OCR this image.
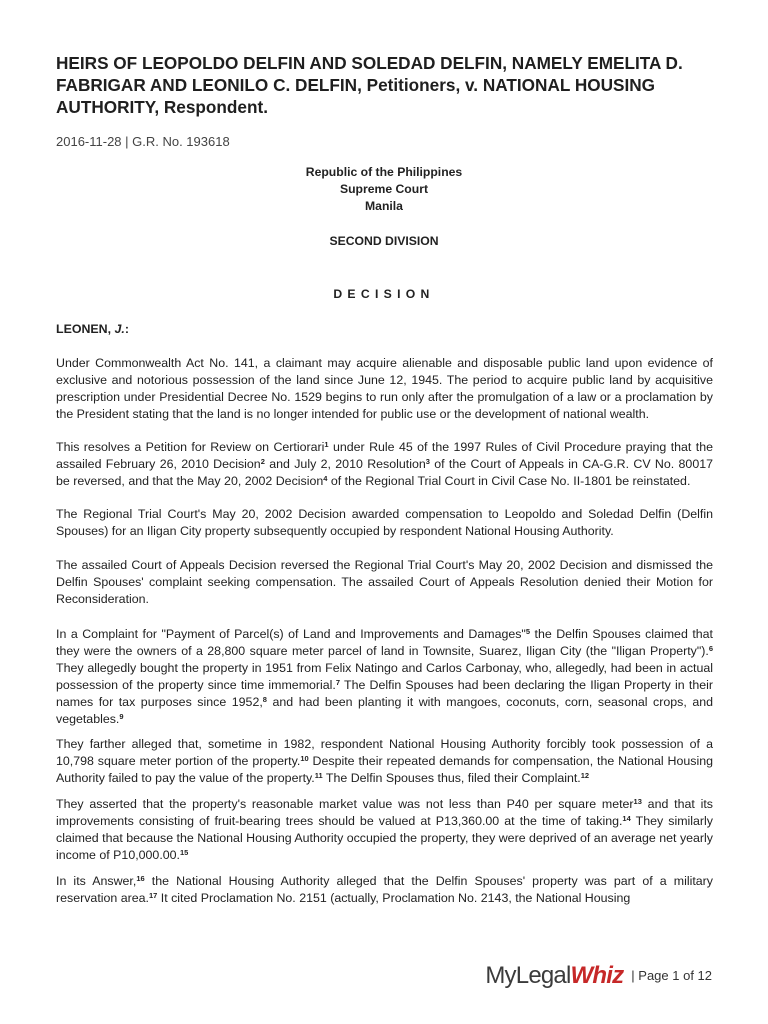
HEIRS OF LEOPOLDO DELFIN AND SOLEDAD DELFIN, NAMELY EMELITA D. FABRIGAR AND LEONILO C. DELFIN, Petitioners, v. NATIONAL HOUSING AUTHORITY, Respondent.
2016-11-28 | G.R. No. 193618
Republic of the Philippines
Supreme Court
Manila
SECOND DIVISION
DECISION
LEONEN, J.:

Under Commonwealth Act No. 141, a claimant may acquire alienable and disposable public land upon evidence of exclusive and notorious possession of the land since June 12, 1945. The period to acquire public land by acquisitive prescription under Presidential Decree No. 1529 begins to run only after the promulgation of a law or a proclamation by the President stating that the land is no longer intended for public use or the development of national wealth.

This resolves a Petition for Review on Certiorari$^1$ under Rule 45 of the 1997 Rules of Civil Procedure praying that the assailed February 26, 2010 Decision$^2$ and July 2, 2010 Resolution$^3$ of the Court of Appeals in CA-G.R. CV No. 80017 be reversed, and that the May 20, 2002 Decision$^4$ of the Regional Trial Court in Civil Case No. II-1801 be reinstated.

The Regional Trial Court's May 20, 2002 Decision awarded compensation to Leopoldo and Soledad Delfin (Delfin Spouses) for an Iligan City property subsequently occupied by respondent National Housing Authority.

The assailed Court of Appeals Decision reversed the Regional Trial Court's May 20, 2002 Decision and dismissed the Delfin Spouses' complaint seeking compensation. The assailed Court of Appeals Resolution denied their Motion for Reconsideration.

In a Complaint for "Payment of Parcel(s) of Land and Improvements and Damages"$^5$ the Delfin Spouses claimed that they were the owners of a 28,800 square meter parcel of land in Townsite, Suarez, Iligan City (the "Iligan Property").$^6$ They allegedly bought the property in 1951 from Felix Natingo and Carlos Carbonay, who, allegedly, had been in actual possession of the property since time immemorial.$^7$ The Delfin Spouses had been declaring the Iligan Property in their names for tax purposes since 1952,$^8$ and had been planting it with mangoes, coconuts, corn, seasonal crops, and vegetables.$^9$

They farther alleged that, sometime in 1982, respondent National Housing Authority forcibly took possession of a 10,798 square meter portion of the property.$^{10}$ Despite their repeated demands for compensation, the National Housing Authority failed to pay the value of the property.$^{11}$ The Delfin Spouses thus, filed their Complaint.$^{12}$

They asserted that the property's reasonable market value was not less than P40 per square meter$^{13}$ and that its improvements consisting of fruit-bearing trees should be valued at P13,360.00 at the time of taking.$^{14}$ They similarly claimed that because the National Housing Authority occupied the property, they were deprived of an average net yearly income of P10,000.00.15

In its Answer,$^{16}$ the National Housing Authority alleged that the Delfin Spouses' property was part of a military reservation area.$^{17}$ It cited Proclamation No. 2151 (actually, Proclamation No. 2143, the National Housing

MyLegalWhiz | Page 1 of 12
